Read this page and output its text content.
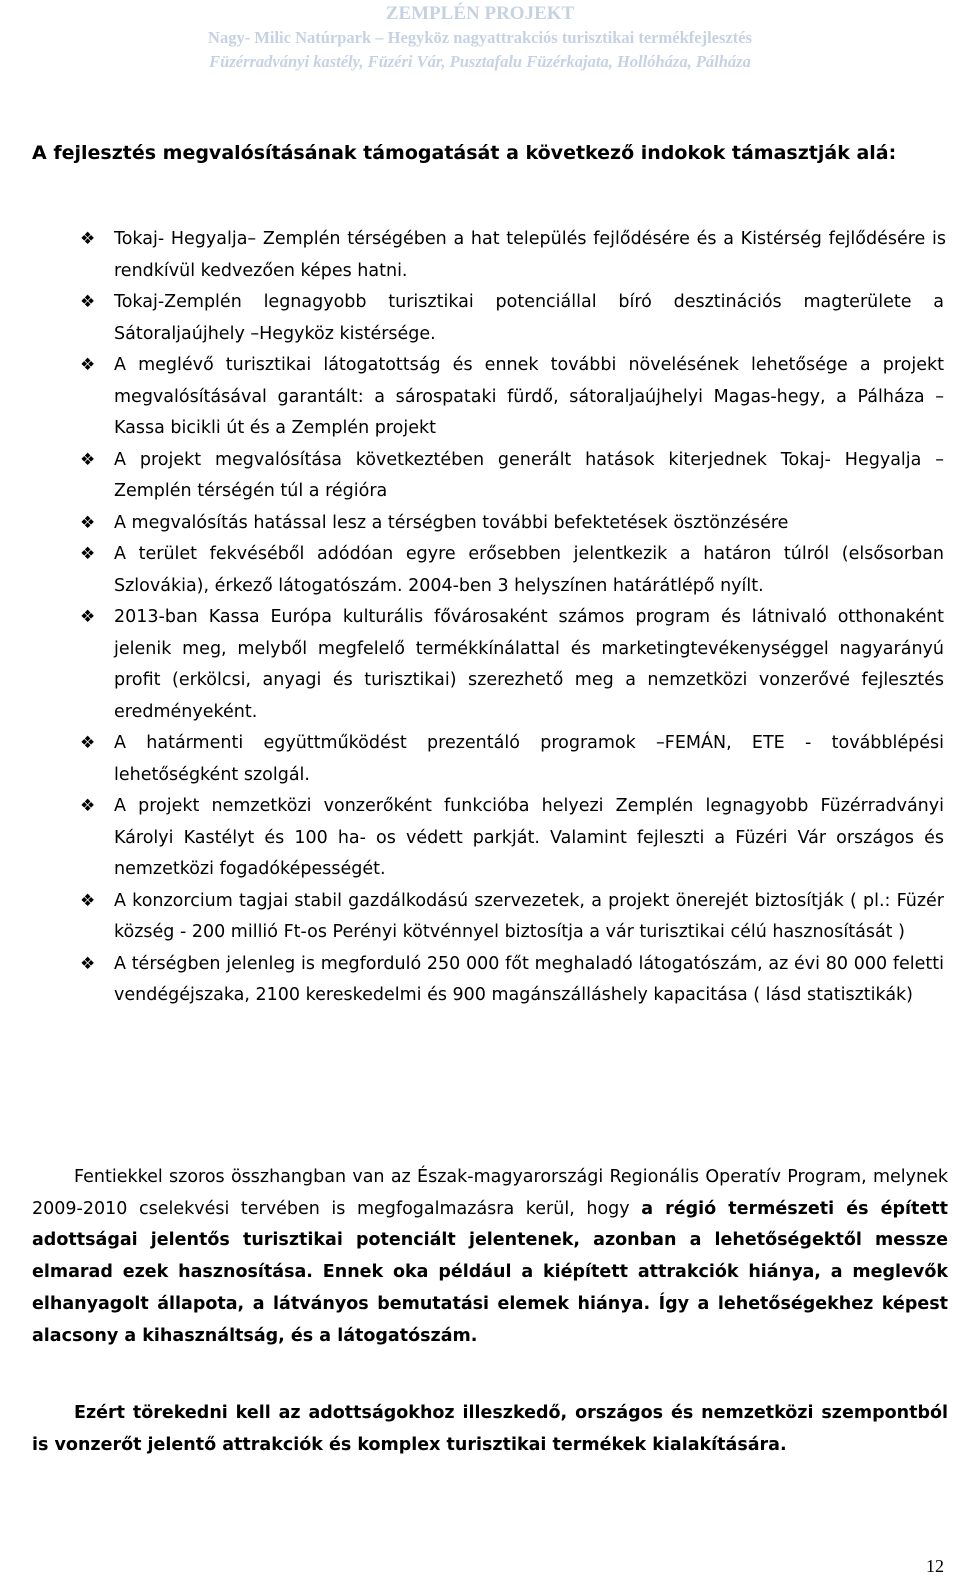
ZEMPLÉN PROJEKT
Nagy- Milic Natúrpark – Hegyköz nagyattrakciós turisztikai termékfejlesztés
Füzérradványi kastély, Füzéri Vár, Pusztafalu Füzérkajata, Hollóháza, Pálháza
A fejlesztés megvalósításának támogatását a következő indokok támasztják alá:
❖ Tokaj- Hegyalja– Zemplén térségében a hat település fejlődésére és a Kistérség fejlődésére is rendkívül kedvezően képes hatni.
❖ Tokaj-Zemplén legnagyobb turisztikai potenciállal bíró desztinációs magterülete a Sátoraljaújhely –Hegyköz kistérsége.
❖ A meglévő turisztikai látogatottság és ennek további növelésének lehetősége a projekt megvalósításával garantált: a sárospataki fürdő, sátoraljaújhelyi Magas-hegy, a Pálháza –Kassa bicikli út és a Zemplén projekt
❖ A projekt megvalósítása következtében generált hatások kiterjednek Tokaj- Hegyalja –Zemplén térségén túl a régióra
❖ A megvalósítás hatással lesz a térségben további befektetések ösztönzésére
❖ A terület fekvéséből adódóan egyre erősebben jelentkezik a határon túlról (elsősorban Szlovákia), érkező látogatószám. 2004-ben 3 helyszínen határátlépő nyílt.
❖ 2013-ban Kassa Európa kulturális fővárosaként számos program és látnivaló otthonaként jelenik meg, melyből megfelelő termékkínálattal és marketingtevékenységgel nagyarányú profit (erkölcsi, anyagi és turisztikai) szerezhető meg a nemzetközi vonzerővé fejlesztés eredményeként.
❖ A határmenti együttműködést prezentáló programok –FEMÁN, ETE - továbblépési lehetőségként szolgál.
❖ A projekt nemzetközi vonzerőként funkcióba helyezi Zemplén legnagyobb Füzérradványi Károlyi Kastélyt és 100 ha- os védett parkját. Valamint fejleszti a Füzéri Vár országos és nemzetközi fogadóképességét.
❖ A konzorcium tagjai stabil gazdálkodású szervezetek, a projekt önerejét biztosítják ( pl.: Füzér község - 200 millió Ft-os Perényi kötvénnyel biztosítja a vár turisztikai célú hasznosítását )
❖ A térségben jelenleg is megforduló 250 000 főt meghaladó látogatószám, az évi 80 000 feletti vendégéjszaka, 2100 kereskedelmi és 900 magánszálláshely kapacitása ( lásd statisztikák)
Fentiekkel szoros összhangban van az Észak-magyarországi Regionális Operatív Program, melynek 2009-2010 cselekvési tervében is megfogalmazásra kerül, hogy a régió természeti és épített adottságai jelentős turisztikai potenciált jelentenek, azonban a lehetőségektől messze elmarad ezek hasznosítása. Ennek oka például a kiépített attrakciók hiánya, a meglevők elhanyagolt állapota, a látványos bemutatási elemek hiánya. Így a lehetőségekhez képest alacsony a kihasználtság, és a látogatószám.
Ezért törekedni kell az adottságokhoz illeszkedő, országos és nemzetközi szempontból is vonzerőt jelentő attrakciók és komplex turisztikai termékek kialakítására.
12
